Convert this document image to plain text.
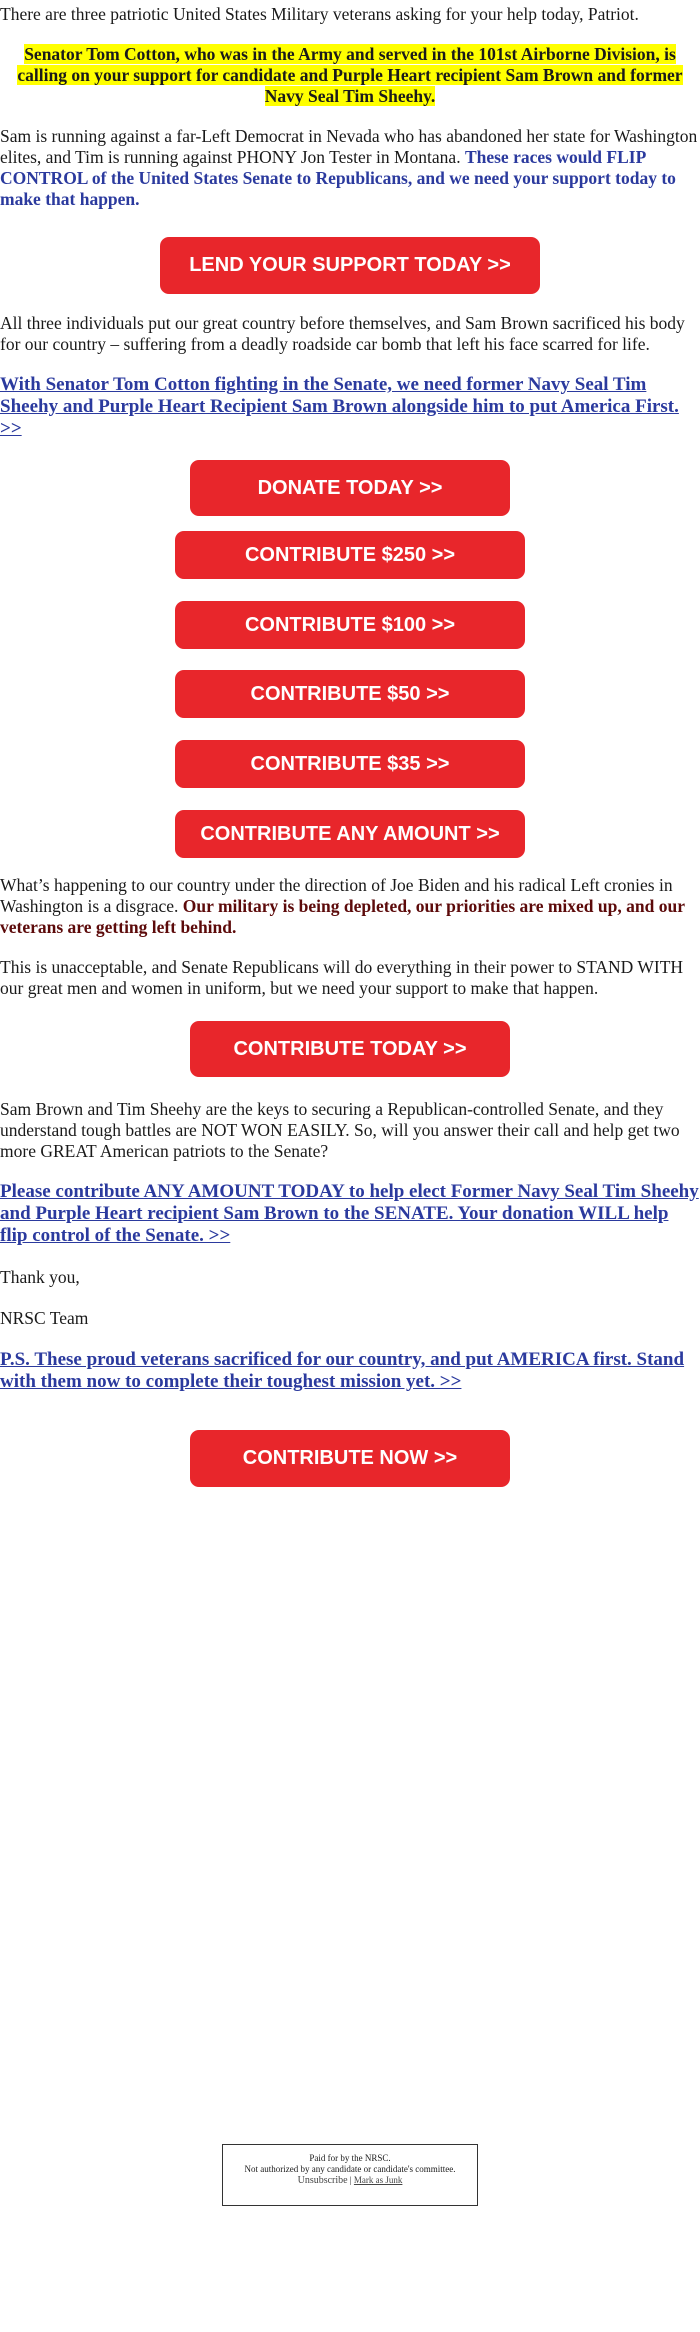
There are three patriotic United States Military veterans asking for your help today, Patriot.

Senator Tom Cotton, who was in the Army and served in the 101st Airborne Division, is calling on your support for candidate and Purple Heart recipient Sam Brown and former Navy Seal Tim Sheehy.

Sam is running against a far-Left Democrat in Nevada who has abandoned her state for Washington elites, and Tim is running against PHONY Jon Tester in Montana. These races would FLIP CONTROL of the United States Senate to Republicans, and we need your support today to make that happen.

LEND YOUR SUPPORT TODAY >>

All three individuals put our great country before themselves, and Sam Brown sacrificed his body for our country – suffering from a deadly roadside car bomb that left his face scarred for life.

With Senator Tom Cotton fighting in the Senate, we need former Navy Seal Tim Sheehy and Purple Heart Recipient Sam Brown alongside him to put America First. >>
DONATE TODAY >>
CONTRIBUTE $250 >>
CONTRIBUTE $100 >>
CONTRIBUTE $50 >>
CONTRIBUTE $35 >>
CONTRIBUTE ANY AMOUNT >>

What’s happening to our country under the direction of Joe Biden and his radical Left cronies in Washington is a disgrace. Our military is being depleted, our priorities are mixed up, and our veterans are getting left behind.

This is unacceptable, and Senate Republicans will do everything in their power to STAND WITH our great men and women in uniform, but we need your support to make that happen.

CONTRIBUTE TODAY >>

Sam Brown and Tim Sheehy are the keys to securing a Republican-controlled Senate, and they understand tough battles are NOT WON EASILY. So, will you answer their call and help get two more GREAT American patriots to the Senate?

Please contribute ANY AMOUNT TODAY to help elect Former Navy Seal Tim Sheehy and Purple Heart recipient Sam Brown to the SENATE. Your donation WILL help flip control of the Senate. >>

Thank you,

NRSC Team

P.S. These proud veterans sacrificed for our country, and put AMERICA first. Stand with them now to complete their toughest mission yet. >>
CONTRIBUTE NOW >>
Paid for by the NRSC.
Not authorized by any candidate or candidate's committee.
Unsubscribe | Mark as Junk
